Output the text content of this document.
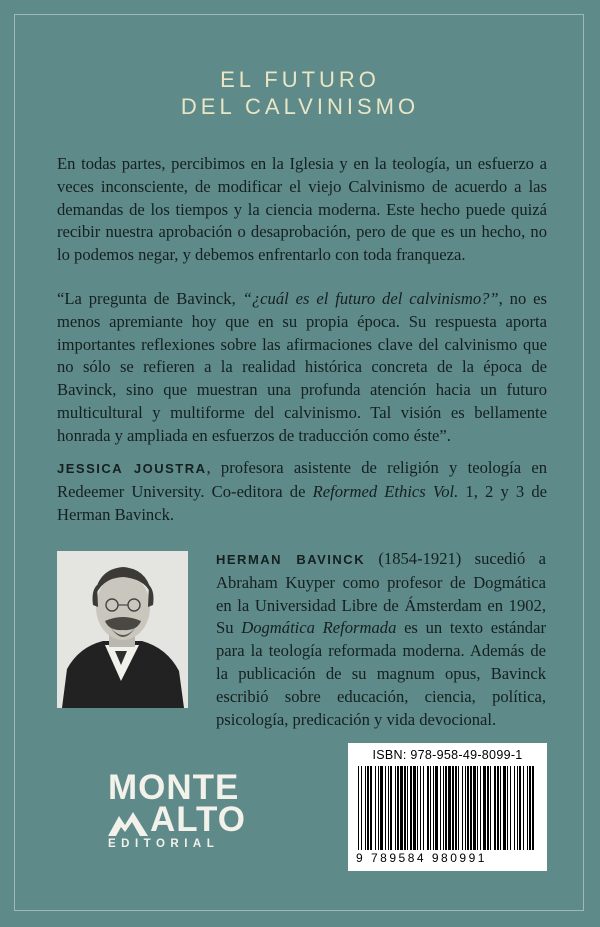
EL FUTURO
DEL CALVINISMO

En todas partes, percibimos en la Iglesia y en la teología, un esfuerzo a veces inconsciente, de modificar el viejo Calvinismo de acuerdo a las demandas de los tiempos y la ciencia moderna. Este hecho puede quizá recibir nuestra aprobación o desaprobación, pero de que es un hecho, no lo podemos negar, y debemos enfrentarlo con toda franqueza.

“La pregunta de Bavinck, “¿cuál es el futuro del calvinismo?”, no es menos apremiante hoy que en su propia época. Su respuesta aporta importantes reflexiones sobre las afirmaciones clave del calvinismo que no sólo se refieren a la realidad histórica concreta de la época de Bavinck, sino que muestran una profunda atención hacia un futuro multicultural y multiforme del calvinismo. Tal visión es bellamente honrada y ampliada en esfuerzos de traducción como éste”.

JESSICA JOUSTRA, profesora asistente de religión y teología en Redeemer University. Co-editora de Reformed Ethics Vol. 1, 2 y 3 de Herman Bavinck.

HERMAN BAVINCK (1854-1921) sucedió a Abraham Kuyper como profesor de Dogmática en la Universidad Libre de Ámsterdam en 1902, Su Dogmática Reformada es un texto estándar para la teología reformada moderna. Además de la publicación de su magnum opus, Bavinck escribió sobre educación, ciencia, política, psicología, predicación y vida devocional.

MONTE
ALTO
EDITORIAL
ISBN: 978-958-49-8099-1
9 789584 980991
